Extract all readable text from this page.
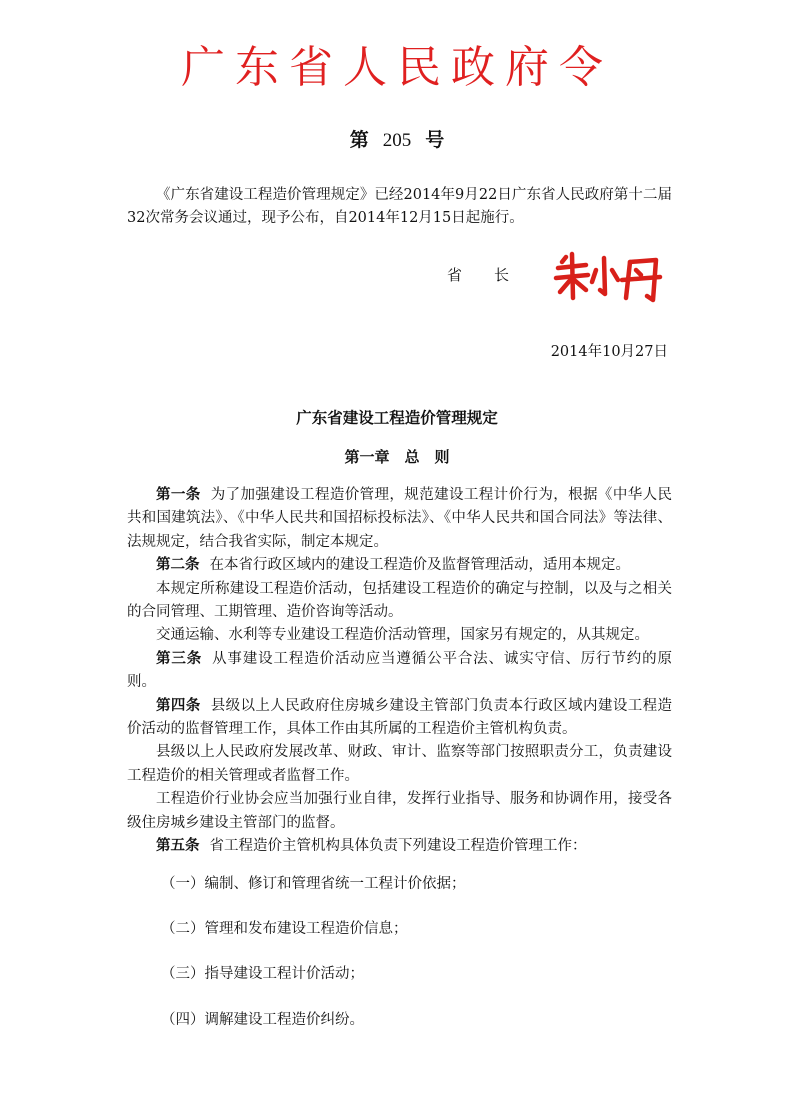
广东省人民政府令
第 205 号
《广东省建设工程造价管理规定》已经2014年9月22日广东省人民政府第十二届32次常务会议通过，现予公布，自2014年12月15日起施行。
省长
2014年10月27日
广东省建设工程造价管理规定
第一章　总　则

第一条 为了加强建设工程造价管理，规范建设工程计价行为，根据《中华人民共和国建筑法》、《中华人民共和国招标投标法》、《中华人民共和国合同法》等法律、法规规定，结合我省实际，制定本规定。

第二条 在本省行政区域内的建设工程造价及监督管理活动，适用本规定。

本规定所称建设工程造价活动，包括建设工程造价的确定与控制，以及与之相关的合同管理、工期管理、造价咨询等活动。

交通运输、水利等专业建设工程造价活动管理，国家另有规定的，从其规定。

第三条 从事建设工程造价活动应当遵循公平合法、诚实守信、厉行节约的原则。

第四条 县级以上人民政府住房城乡建设主管部门负责本行政区域内建设工程造价活动的监督管理工作，具体工作由其所属的工程造价主管机构负责。

县级以上人民政府发展改革、财政、审计、监察等部门按照职责分工，负责建设工程造价的相关管理或者监督工作。

工程造价行业协会应当加强行业自律，发挥行业指导、服务和协调作用，接受各级住房城乡建设主管部门的监督。

第五条 省工程造价主管机构具体负责下列建设工程造价管理工作：

（一）编制、修订和管理省统一工程计价依据；

（二）管理和发布建设工程造价信息；

（三）指导建设工程计价活动；

（四）调解建设工程造价纠纷。
